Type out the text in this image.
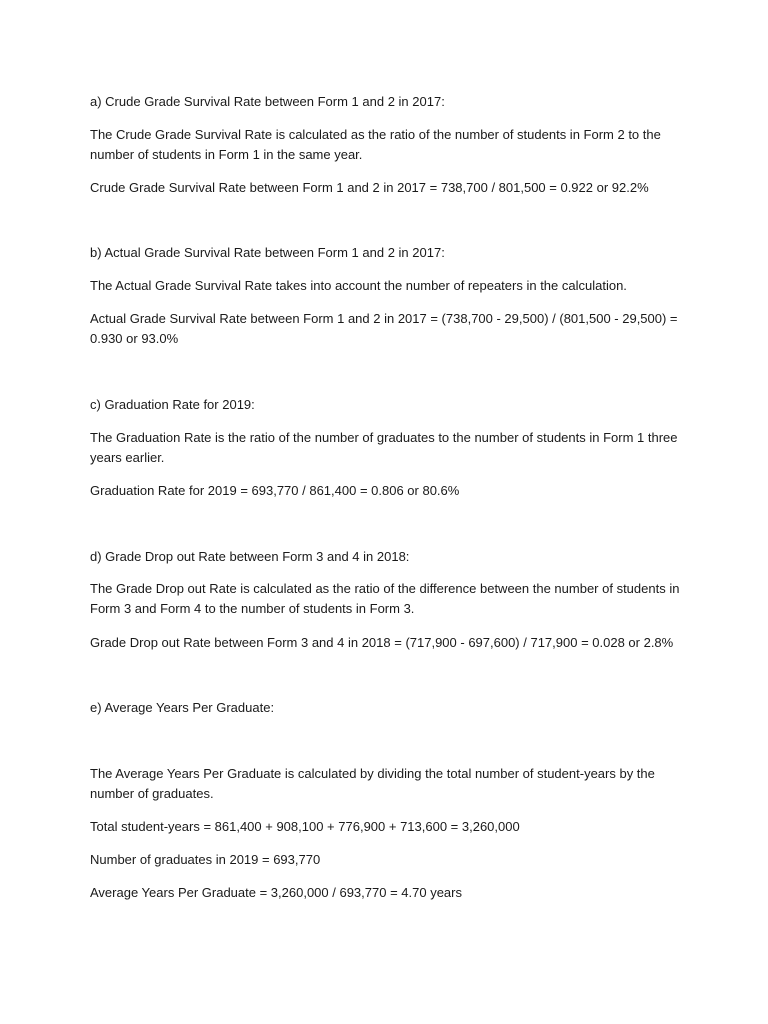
a) Crude Grade Survival Rate between Form 1 and 2 in 2017:

The Crude Grade Survival Rate is calculated as the ratio of the number of students in Form 2 to the number of students in Form 1 in the same year.

Crude Grade Survival Rate between Form 1 and 2 in 2017 = 738,700 / 801,500 = 0.922 or 92.2%

b) Actual Grade Survival Rate between Form 1 and 2 in 2017:

The Actual Grade Survival Rate takes into account the number of repeaters in the calculation.

Actual Grade Survival Rate between Form 1 and 2 in 2017 = (738,700 - 29,500) / (801,500 - 29,500) = 0.930 or 93.0%

c) Graduation Rate for 2019:

The Graduation Rate is the ratio of the number of graduates to the number of students in Form 1 three years earlier.

Graduation Rate for 2019 = 693,770 / 861,400 = 0.806 or 80.6%

d) Grade Drop out Rate between Form 3 and 4 in 2018:

The Grade Drop out Rate is calculated as the ratio of the difference between the number of students in Form 3 and Form 4 to the number of students in Form 3.

Grade Drop out Rate between Form 3 and 4 in 2018 = (717,900 - 697,600) / 717,900 = 0.028 or 2.8%

e) Average Years Per Graduate:

The Average Years Per Graduate is calculated by dividing the total number of student-years by the number of graduates.

Total student-years = 861,400 + 908,100 + 776,900 + 713,600 = 3,260,000

Number of graduates in 2019 = 693,770

Average Years Per Graduate = 3,260,000 / 693,770 = 4.70 years
